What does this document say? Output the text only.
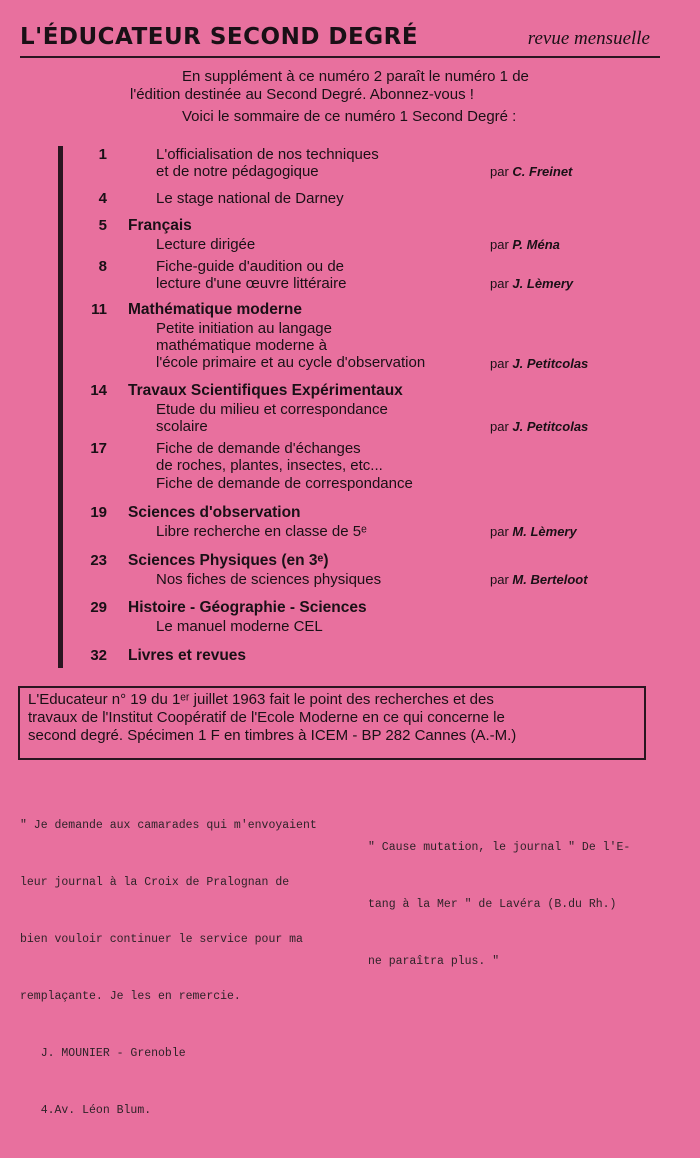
L'ÉDUCATEUR SECOND DEGRÉ	revue mensuelle
En supplément à ce numéro 2 paraît le numéro 1 de
l'édition destinée au Second Degré. Abonnez-vous !
Voici le sommaire de ce numéro 1 Second Degré :
1	L'officialisation de nos techniques
et de notre pédagogique	par C. Freinet
4	Le stage national de Darney
5 Français
Lecture dirigée	par P. Ména
8	Fiche-guide d'audition ou de
lecture d'une œuvre littéraire	par J. Lèmery
11 Mathématique moderne
Petite initiation au langage
mathématique moderne à
l'école primaire et au cycle d'observation	par J. Petitcolas
14 Travaux Scientifiques Expérimentaux
Etude du milieu et correspondance
scolaire	par J. Petitcolas
17	Fiche de demande d'échanges
de roches, plantes, insectes, etc...
Fiche de demande de correspondance
19 Sciences d'observation
Libre recherche en classe de 5ᵉ	par M. Lèmery
23 Sciences Physiques (en 3ᵉ)
Nos fiches de sciences physiques	par M. Berteloot
29 Histoire - Géographie - Sciences
Le manuel moderne CEL
32 Livres et revues
L'Educateur n° 19 du 1ᵉʳ juillet 1963 fait le point des recherches et des
travaux de l'Institut Coopératif de l'Ecole Moderne en ce qui concerne le
second degré. Spécimen 1 F en timbres à ICEM - BP 282 Cannes (A.-M.)

" Je demande aux camarades qui m'envoyaient

leur journal à la Croix de Pralognan de

bien vouloir continuer le service pour ma

remplaçante. Je les en remercie.

J. MOUNIER - Grenoble

4.Av. Léon Blum.

" Cause mutation, le journal " De l'E-

tang à la Mer " de Lavéra (B.du Rh.)

ne paraîtra plus. "
